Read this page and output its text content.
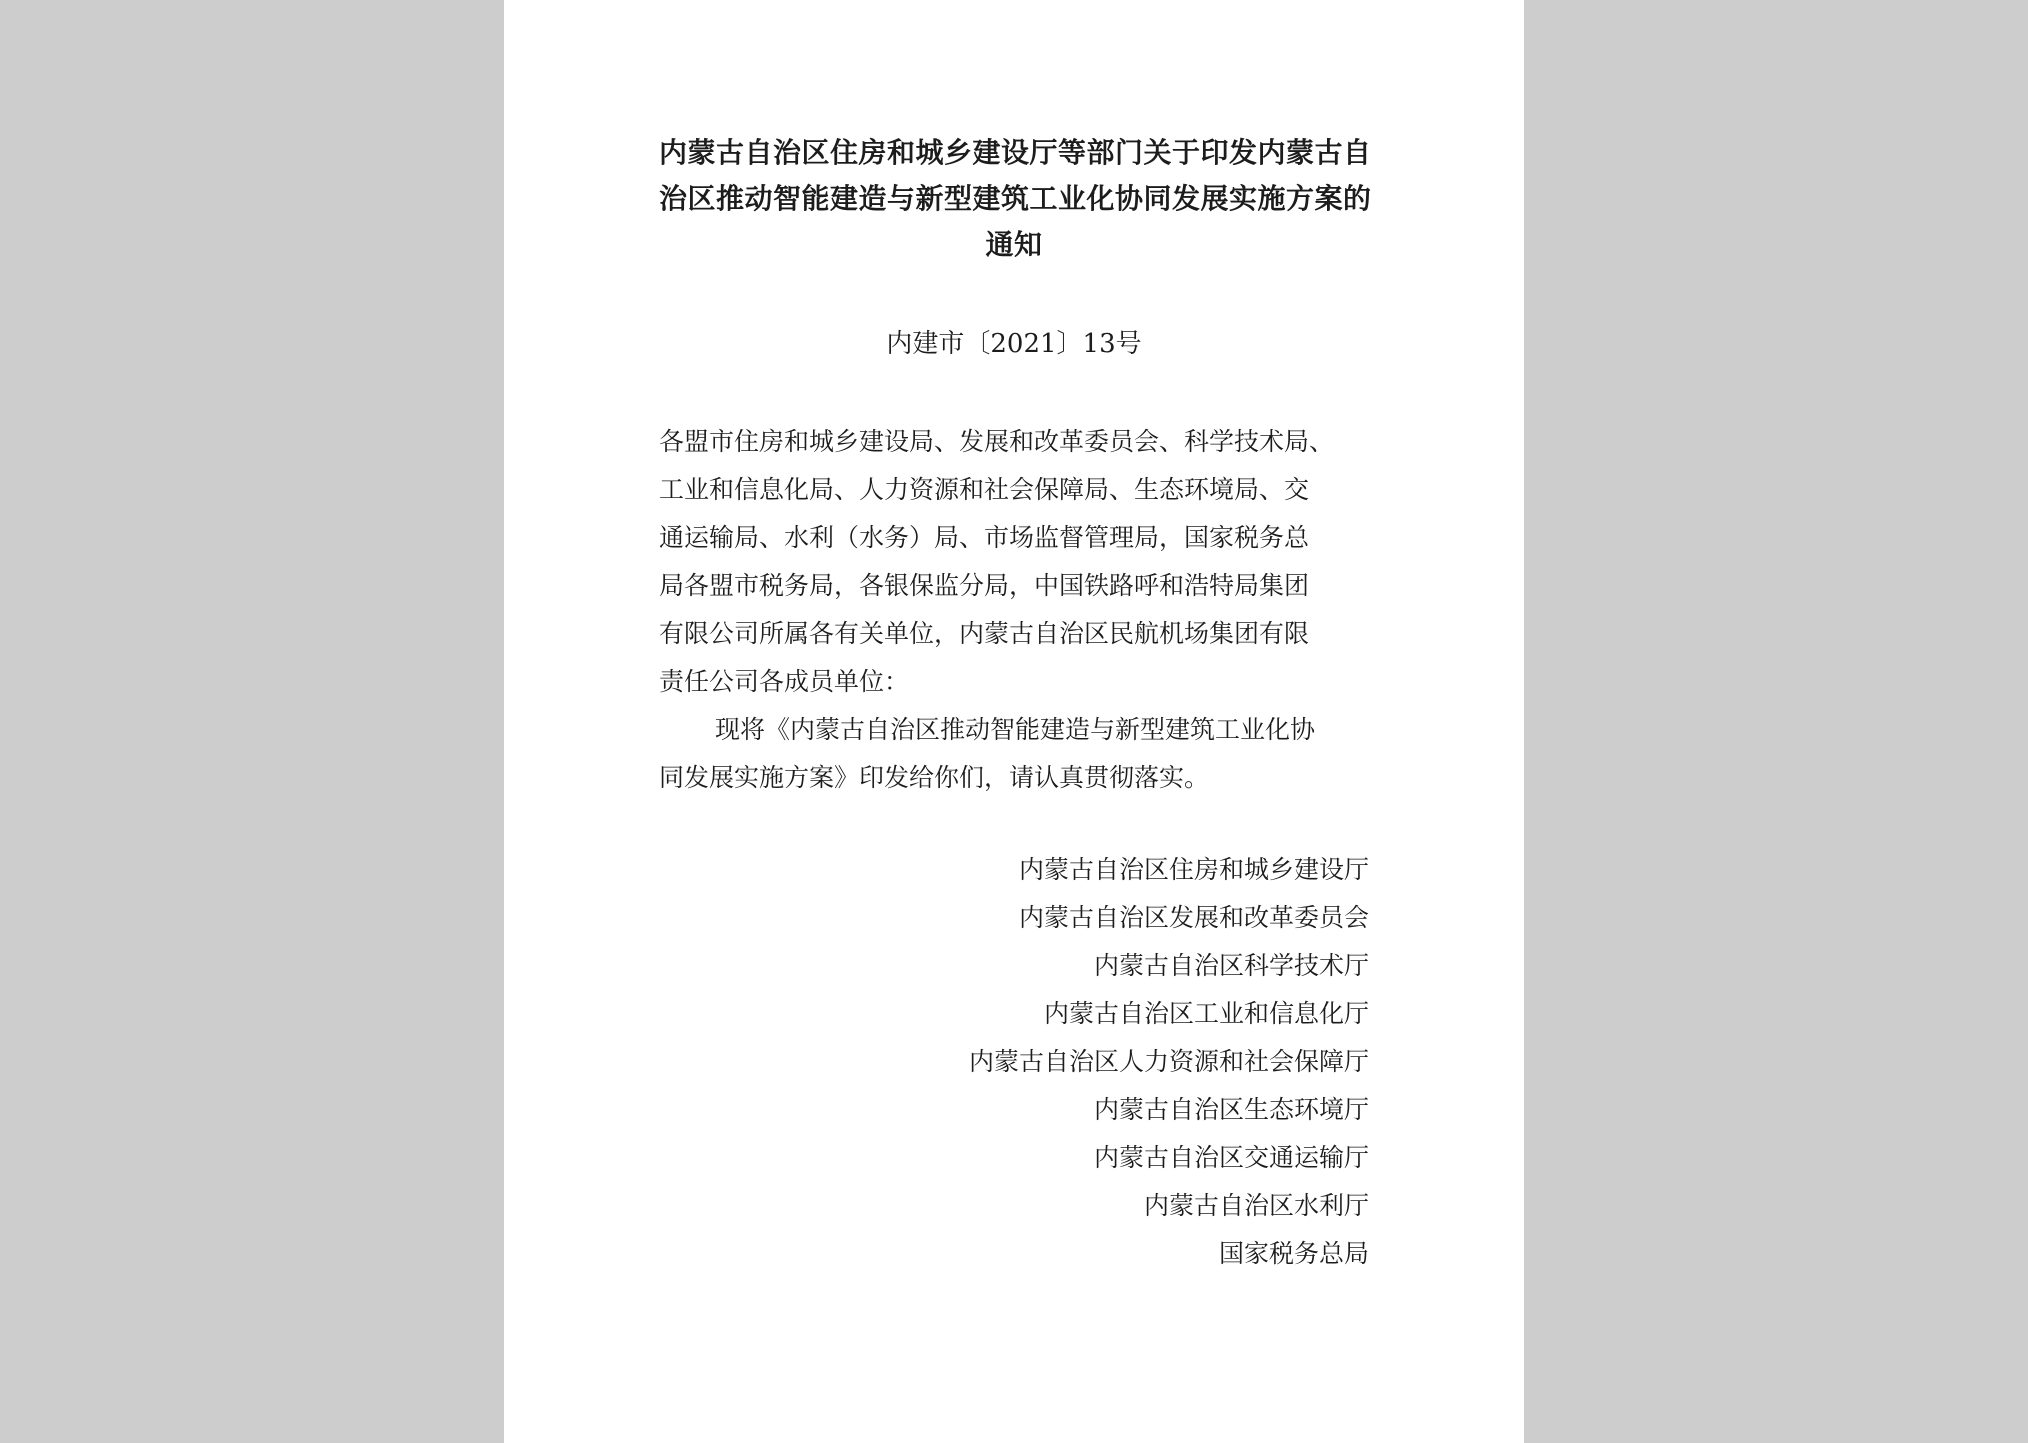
内蒙古自治区住房和城乡建设厅等部门关于印发内蒙古自
治区推动智能建造与新型建筑工业化协同发展实施方案的
通知
内建市〔2021〕13号
各盟市住房和城乡建设局、发展和改革委员会、科学技术局、
工业和信息化局、人力资源和社会保障局、生态环境局、交
通运输局、水利（水务）局、市场监督管理局，国家税务总
局各盟市税务局，各银保监分局，中国铁路呼和浩特局集团
有限公司所属各有关单位，内蒙古自治区民航机场集团有限
责任公司各成员单位：
现将《内蒙古自治区推动智能建造与新型建筑工业化协
同发展实施方案》印发给你们，请认真贯彻落实。
内蒙古自治区住房和城乡建设厅
内蒙古自治区发展和改革委员会
内蒙古自治区科学技术厅
内蒙古自治区工业和信息化厅
内蒙古自治区人力资源和社会保障厅
内蒙古自治区生态环境厅
内蒙古自治区交通运输厅
内蒙古自治区水利厅
国家税务总局
